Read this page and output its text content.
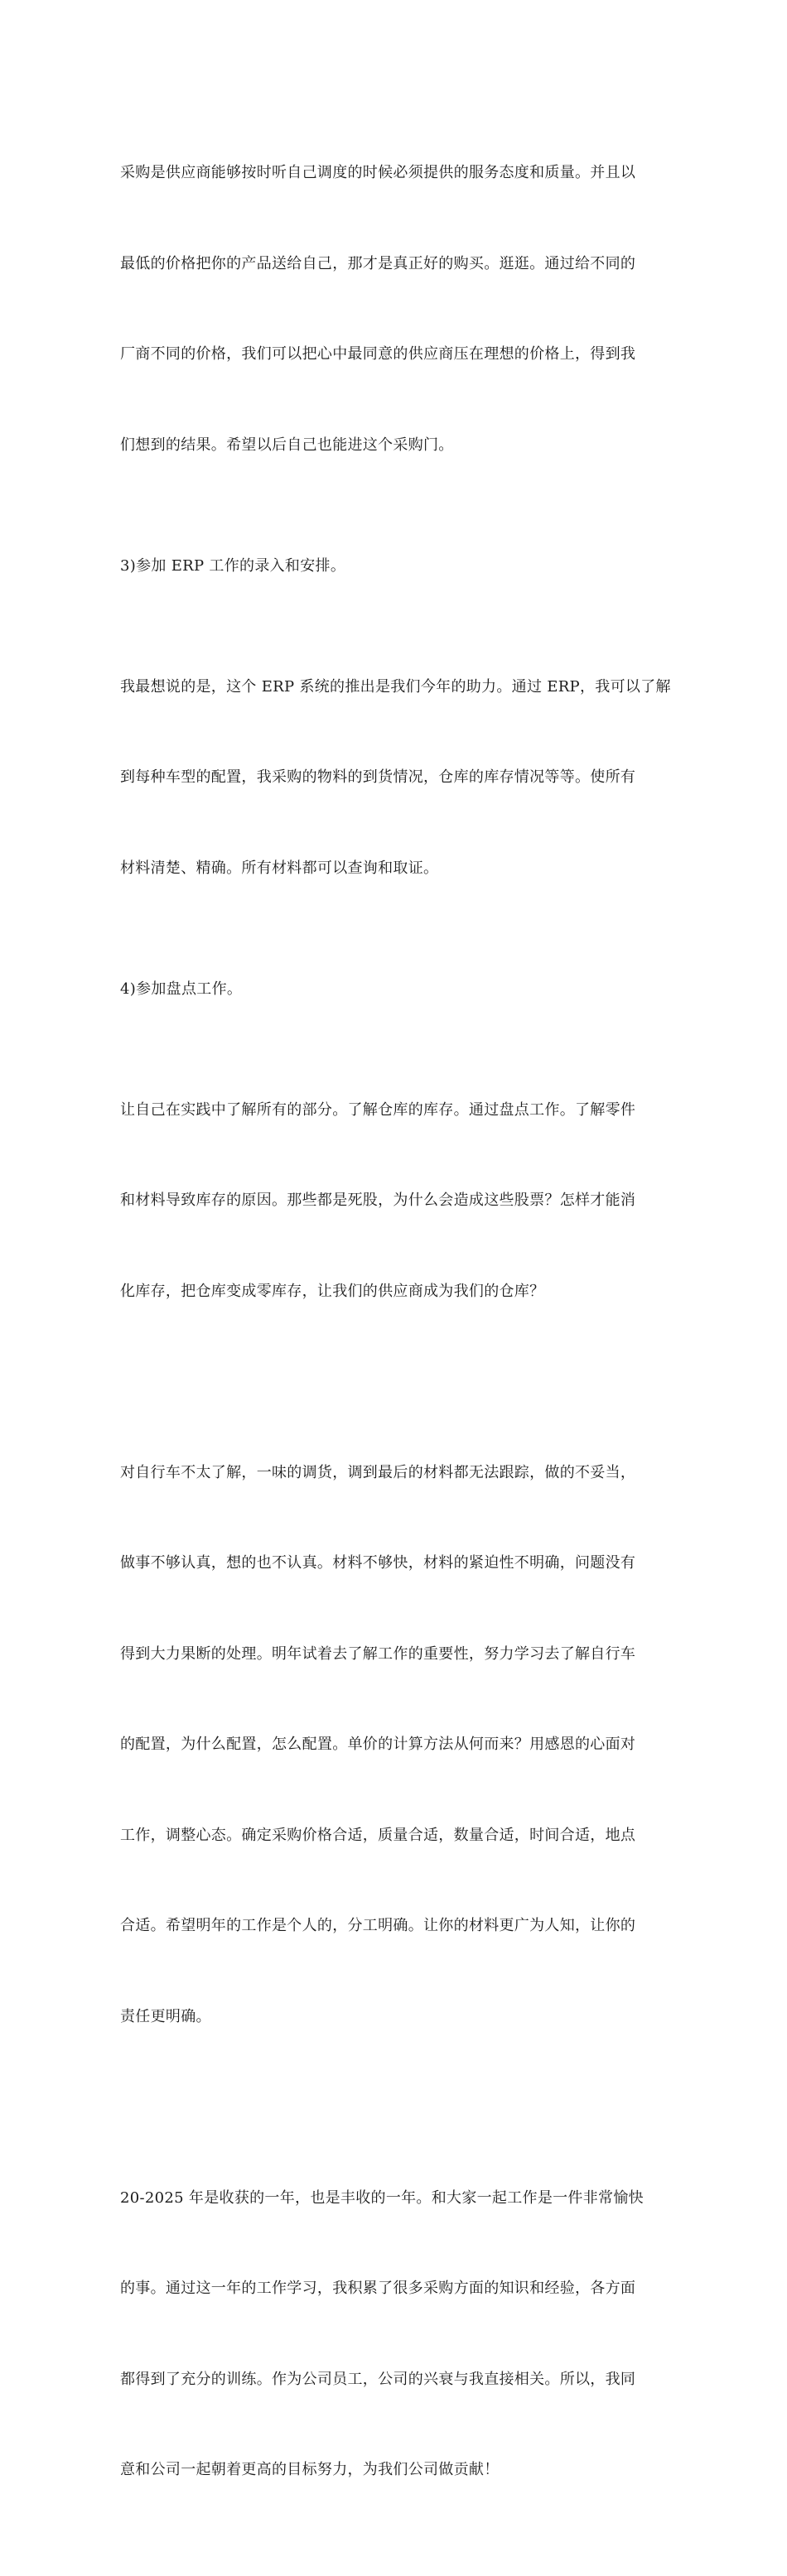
采购是供应商能够按时听自己调度的时候必须提供的服务态度和质量。并且以

最低的价格把你的产品送给自己，那才是真正好的购买。逛逛。通过给不同的

厂商不同的价格，我们可以把心中最同意的供应商压在理想的价格上，得到我

们想到的结果。希望以后自己也能进这个采购门。

3)参加 ERP 工作的录入和安排。

我最想说的是，这个 ERP 系统的推出是我们今年的助力。通过 ERP，我可以了解

到每种车型的配置，我采购的物料的到货情况，仓库的库存情况等等。使所有

材料清楚、精确。所有材料都可以查询和取证。

4)参加盘点工作。

让自己在实践中了解所有的部分。了解仓库的库存。通过盘点工作。了解零件

和材料导致库存的原因。那些都是死股，为什么会造成这些股票？怎样才能消

化库存，把仓库变成零库存，让我们的供应商成为我们的仓库？

对自行车不太了解，一味的调货，调到最后的材料都无法跟踪，做的不妥当，

做事不够认真，想的也不认真。材料不够快，材料的紧迫性不明确，问题没有

得到大力果断的处理。明年试着去了解工作的重要性，努力学习去了解自行车

的配置，为什么配置，怎么配置。单价的计算方法从何而来？用感恩的心面对

工作，调整心态。确定采购价格合适，质量合适，数量合适，时间合适，地点

合适。希望明年的工作是个人的，分工明确。让你的材料更广为人知，让你的

责任更明确。

20-2025 年是收获的一年，也是丰收的一年。和大家一起工作是一件非常愉快

的事。通过这一年的工作学习，我积累了很多采购方面的知识和经验，各方面

都得到了充分的训练。作为公司员工，公司的兴衰与我直接相关。所以，我同

意和公司一起朝着更高的目标努力，为我们公司做贡献！
